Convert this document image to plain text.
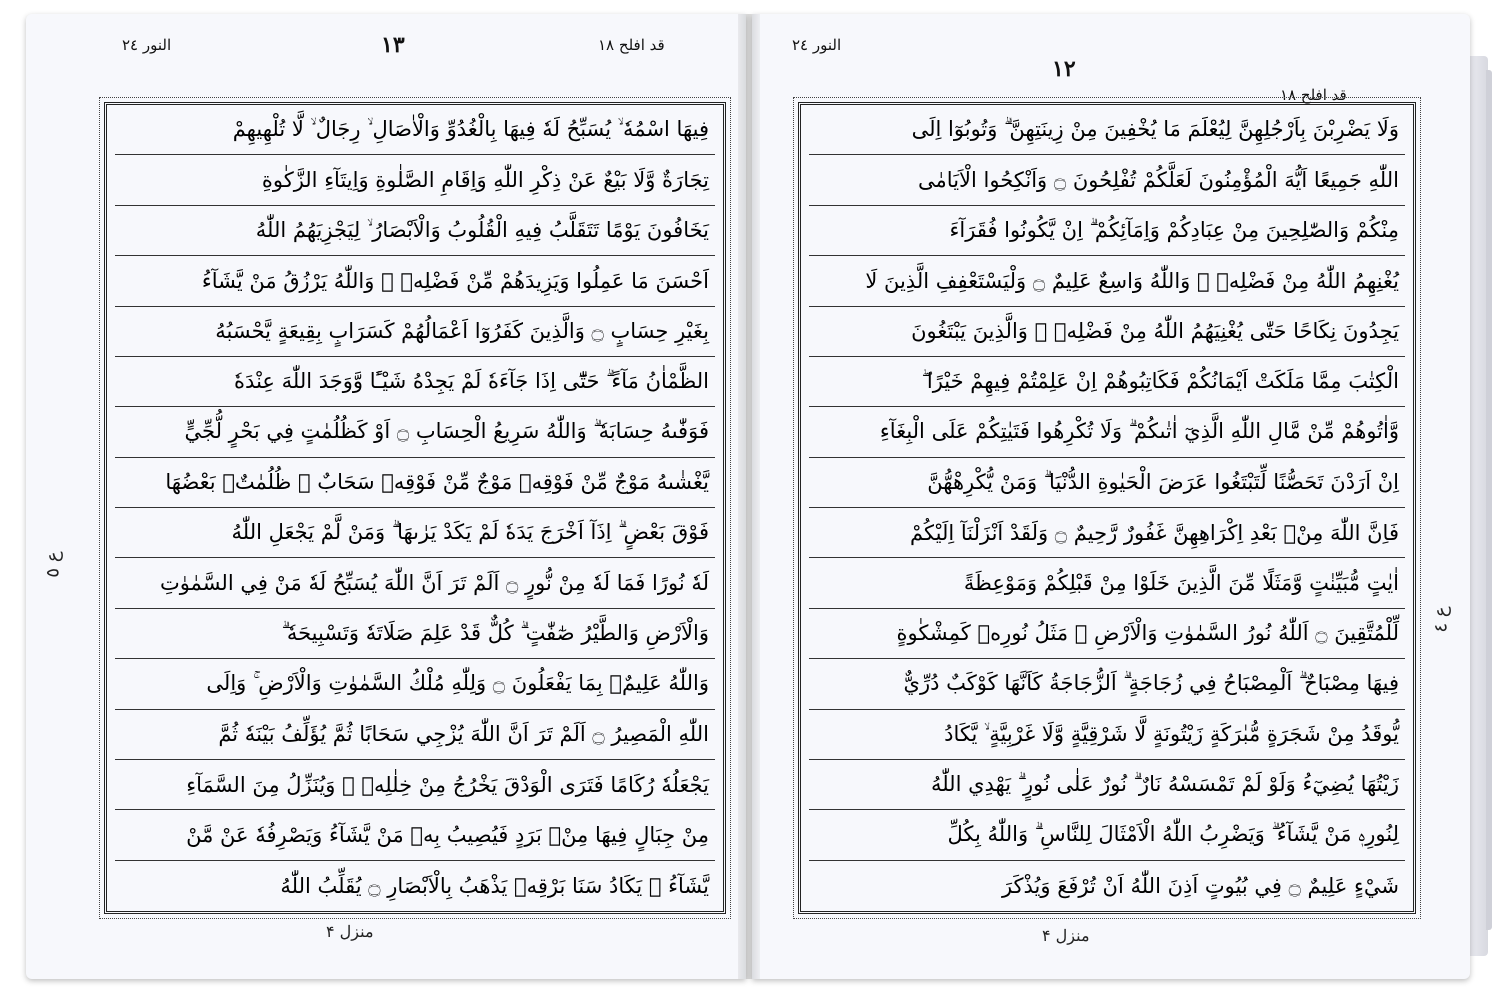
النور ٢٤	١٣	قد افلح ١٨
ع ٥
فِيهَا اسْمُهٗ ۙ يُسَبِّحُ لَهٗ فِيهَا بِالْغُدُوِّ وَالْاٰصَالِ ۙ رِجَالٌ ۙ لَّا تُلْهِيهِمْ
تِجَارَةٌ وَّلَا بَيْعٌ عَنْ ذِكْرِ اللّٰهِ وَاِقَامِ الصَّلٰوةِ وَاِيتَآءِ الزَّكٰوةِ
يَخَافُونَ يَوْمًا تَتَقَلَّبُ فِيهِ الْقُلُوبُ وَالْاَبْصَارُ ۙ لِيَجْزِيَهُمُ اللّٰهُ
اَحْسَنَ مَا عَمِلُوا وَيَزِيدَهُمْ مِّنْ فَضْلِهٖ ۗ وَاللّٰهُ يَرْزُقُ مَنْ يَّشَآءُ
بِغَيْرِ حِسَابٍ ۝ وَالَّذِينَ كَفَرُوٓا اَعْمَالُهُمْ كَسَرَابٍ بِقِيعَةٍ يَّحْسَبُهُ
الظَّمْاٰنُ مَآءً ۗ حَتّٰٓى اِذَا جَآءَهٗ لَمْ يَجِدْهُ شَيْـًٔا وَّوَجَدَ اللّٰهَ عِنْدَهٗ
فَوَفّٰىهُ حِسَابَهٗ ۗ وَاللّٰهُ سَرِيعُ الْحِسَابِ ۝ اَوْ كَظُلُمٰتٍ فِي بَحْرٍ لُّجِّيٍّ
يَّغْشٰىهُ مَوْجٌ مِّنْ فَوْقِهٖ مَوْجٌ مِّنْ فَوْقِهٖ سَحَابٌ ۗ ظُلُمٰتٌۢ بَعْضُهَا
فَوْقَ بَعْضٍ ۗ اِذَآ اَخْرَجَ يَدَهٗ لَمْ يَكَدْ يَرٰىهَا ۗ وَمَنْ لَّمْ يَجْعَلِ اللّٰهُ
لَهٗ نُورًا فَمَا لَهٗ مِنْ نُّورٍ ۝ اَلَمْ تَرَ اَنَّ اللّٰهَ يُسَبِّحُ لَهٗ مَنْ فِي السَّمٰوٰتِ
وَالْاَرْضِ وَالطَّيْرُ صٰٓفّٰتٍ ۗ كُلٌّ قَدْ عَلِمَ صَلَاتَهٗ وَتَسْبِيحَهٗ ۗ
وَاللّٰهُ عَلِيمٌۢ بِمَا يَفْعَلُونَ ۝ وَلِلّٰهِ مُلْكُ السَّمٰوٰتِ وَالْاَرْضِ ۚ وَاِلَى
اللّٰهِ الْمَصِيرُ ۝ اَلَمْ تَرَ اَنَّ اللّٰهَ يُزْجِي سَحَابًا ثُمَّ يُؤَلِّفُ بَيْنَهٗ ثُمَّ
يَجْعَلُهٗ رُكَامًا فَتَرَى الْوَدْقَ يَخْرُجُ مِنْ خِلٰلِهٖ ۚ وَيُنَزِّلُ مِنَ السَّمَآءِ
مِنْ جِبَالٍ فِيهَا مِنْۢ بَرَدٍ فَيُصِيبُ بِهٖ مَنْ يَّشَآءُ وَيَصْرِفُهٗ عَنْ مَّنْ
يَّشَآءُ ۗ يَكَادُ سَنَا بَرْقِهٖ يَذْهَبُ بِالْاَبْصَارِ ۝ يُقَلِّبُ اللّٰهُ
منزل ۴
النور ٢٤
١٢
قد افلح ١٨
ع ٤
وَلَا يَضْرِبْنَ بِاَرْجُلِهِنَّ لِيُعْلَمَ مَا يُخْفِينَ مِنْ زِينَتِهِنَّ ۗ وَتُوبُوٓا اِلَى
اللّٰهِ جَمِيعًا اَيُّهَ الْمُؤْمِنُونَ لَعَلَّكُمْ تُفْلِحُونَ ۝ وَاَنْكِحُوا الْاَيَامٰى
مِنْكُمْ وَالصّٰلِحِينَ مِنْ عِبَادِكُمْ وَاِمَآئِكُمْ ۗ اِنْ يَّكُونُوا فُقَرَآءَ
يُغْنِهِمُ اللّٰهُ مِنْ فَضْلِهٖ ۗ وَاللّٰهُ وَاسِعٌ عَلِيمٌ ۝ وَلْيَسْتَعْفِفِ الَّذِينَ لَا
يَجِدُونَ نِكَاحًا حَتّٰى يُغْنِيَهُمُ اللّٰهُ مِنْ فَضْلِهٖ ۗ وَالَّذِينَ يَبْتَغُونَ
الْكِتٰبَ مِمَّا مَلَكَتْ اَيْمَانُكُمْ فَكَاتِبُوهُمْ اِنْ عَلِمْتُمْ فِيهِمْ خَيْرًا ۖ
وَّاٰتُوهُمْ مِّنْ مَّالِ اللّٰهِ الَّذِيٓ اٰتٰىكُمْ ۗ وَلَا تُكْرِهُوا فَتَيٰتِكُمْ عَلَى الْبِغَآءِ
اِنْ اَرَدْنَ تَحَصُّنًا لِّتَبْتَغُوا عَرَضَ الْحَيٰوةِ الدُّنْيَا ۗ وَمَنْ يُّكْرِهْهُّنَّ
فَاِنَّ اللّٰهَ مِنْۢ بَعْدِ اِكْرَاهِهِنَّ غَفُورٌ رَّحِيمٌ ۝ وَلَقَدْ اَنْزَلْنَآ اِلَيْكُمْ
اٰيٰتٍ مُّبَيِّنٰتٍ وَّمَثَلًا مِّنَ الَّذِينَ خَلَوْا مِنْ قَبْلِكُمْ وَمَوْعِظَةً
لِّلْمُتَّقِينَ ۝ اَللّٰهُ نُورُ السَّمٰوٰتِ وَالْاَرْضِ ۗ مَثَلُ نُورِهٖ كَمِشْكٰوةٍ
فِيهَا مِصْبَاحٌ ۗ اَلْمِصْبَاحُ فِي زُجَاجَةٍ ۗ اَلزُّجَاجَةُ كَاَنَّهَا كَوْكَبٌ دُرِّيٌّ
يُّوقَدُ مِنْ شَجَرَةٍ مُّبٰرَكَةٍ زَيْتُونَةٍ لَّا شَرْقِيَّةٍ وَّلَا غَرْبِيَّةٍ ۙ يَّكَادُ
زَيْتُهَا يُضِيٓءُ وَلَوْ لَمْ تَمْسَسْهُ نَارٌ ۗ نُورٌ عَلٰى نُورٍ ۗ يَهْدِي اللّٰهُ
لِنُورِهٖ مَنْ يَّشَآءُ ۗ وَيَضْرِبُ اللّٰهُ الْاَمْثَالَ لِلنَّاسِ ۗ وَاللّٰهُ بِكُلِّ
شَيْءٍ عَلِيمٌ ۝ فِي بُيُوتٍ اَذِنَ اللّٰهُ اَنْ تُرْفَعَ وَيُذْكَرَ
منزل ۴
